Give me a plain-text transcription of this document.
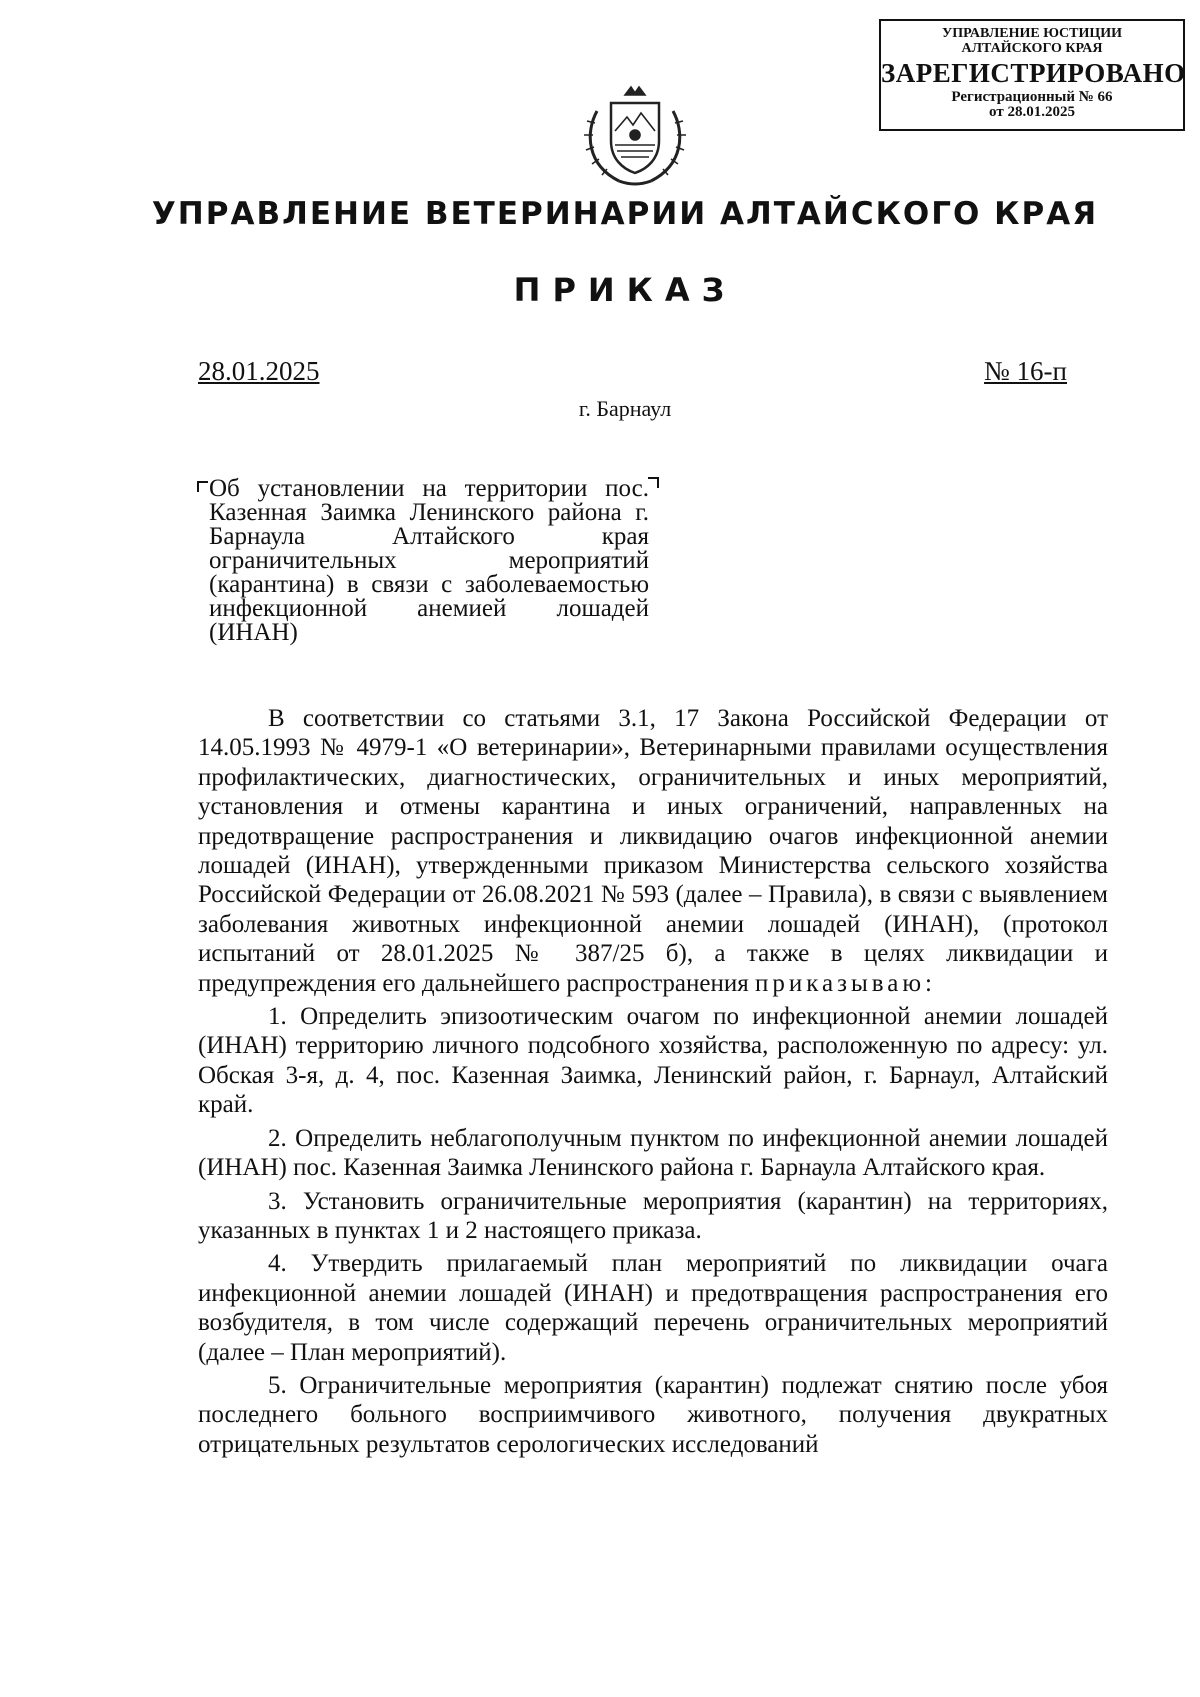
УПРАВЛЕНИЕ ЮСТИЦИИ
АЛТАЙСКОГО КРАЯ
ЗАРЕГИСТРИРОВАНО
Регистрационный № 66
от 28.01.2025
УПРАВЛЕНИЕ ВЕТЕРИНАРИИ АЛТАЙСКОГО КРАЯ
ПРИКАЗ
28.01.2025	№ 16-п
г. Барнаул
Об установлении на территории пос. Казенная Заимка Ленинского района г. Барнаула Алтайского края ограничительных мероприятий (карантина) в связи с заболеваемостью инфекционной анемией лошадей (ИНАН)

В соответствии со статьями 3.1, 17 Закона Российской Федерации от 14.05.1993 № 4979-1 «О ветеринарии», Ветеринарными правилами осуществления профилактических, диагностических, ограничительных и иных мероприятий, установления и отмены карантина и иных ограничений, направленных на предотвращение распространения и ликвидацию очагов инфекционной анемии лошадей (ИНАН), утвержденными приказом Министерства сельского хозяйства Российской Федерации от 26.08.2021 № 593 (далее – Правила), в связи с выявлением заболевания животных инфекционной анемии лошадей (ИНАН), (протокол испытаний от 28.01.2025 № 387/25 б), а также в целях ликвидации и предупреждения его дальнейшего распространения приказываю:

1. Определить эпизоотическим очагом по инфекционной анемии лошадей (ИНАН) территорию личного подсобного хозяйства, расположенную по адресу: ул. Обская 3-я, д. 4, пос. Казенная Заимка, Ленинский район, г. Барнаул, Алтайский край.

2. Определить неблагополучным пунктом по инфекционной анемии лошадей (ИНАН) пос. Казенная Заимка Ленинского района г. Барнаула Алтайского края.

3. Установить ограничительные мероприятия (карантин) на территориях, указанных в пунктах 1 и 2 настоящего приказа.

4. Утвердить прилагаемый план мероприятий по ликвидации очага инфекционной анемии лошадей (ИНАН) и предотвращения распространения его возбудителя, в том числе содержащий перечень ограничительных мероприятий (далее – План мероприятий).

5. Ограничительные мероприятия (карантин) подлежат снятию после убоя последнего больного восприимчивого животного, получения двукратных отрицательных результатов серологических исследований
